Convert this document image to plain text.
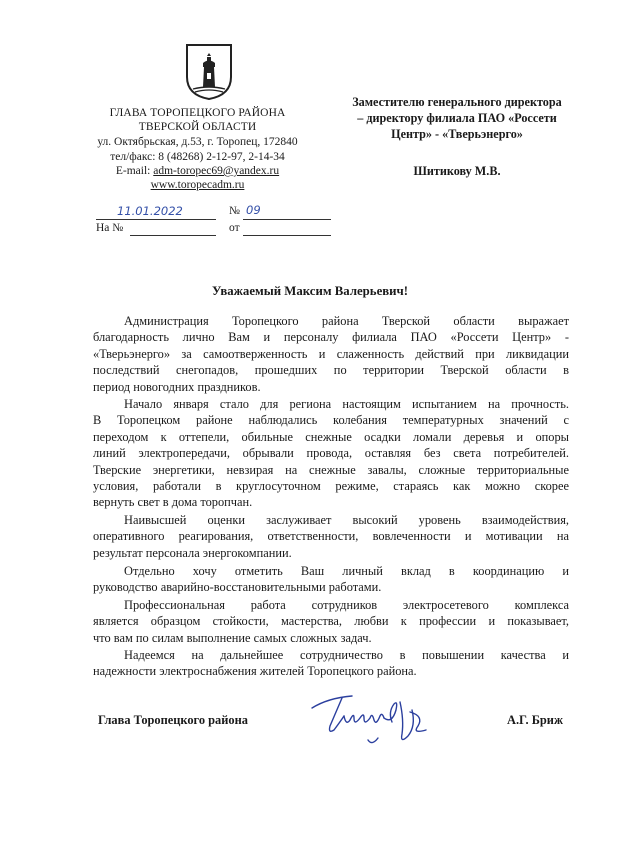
ГЛАВА ТОРОПЕЦКОГО РАЙОНА
ТВЕРСКОЙ ОБЛАСТИ
ул. Октябрьская, д.53, г. Торопец, 172840
тел/факс: 8 (48268) 2-12-97, 2-14-34
E-mail: adm-toropec69@yandex.ru
www.toropecadm.ru
Заместителю генерального директора
– директору филиала ПАО «Россети
Центр» - «Тверьэнерго»
Шитикову М.В.
11.01.2022	№ 09
На №	от
Уважаемый Максим Валерьевич!
Администрация Торопецкого района Тверской области выражает
благодарность лично Вам и персоналу филиала ПАО «Россети Центр» -
«Тверьэнерго» за самоотверженность и слаженность действий при ликвидации
последствий снегопадов, прошедших по территории Тверской области в
период новогодних праздников.
Начало января стало для региона настоящим испытанием на прочность.
В Торопецком районе наблюдались колебания температурных значений с
переходом к оттепели, обильные снежные осадки ломали деревья и опоры
линий электропередачи, обрывали провода, оставляя без света потребителей.
Тверские энергетики, невзирая на снежные завалы, сложные территориальные
условия, работали в круглосуточном режиме, стараясь как можно скорее
вернуть свет в дома торопчан.
Наивысшей оценки заслуживает высокий уровень взаимодействия,
оперативного реагирования, ответственности, вовлеченности и мотивации на
результат персонала энергокомпании.
Отдельно хочу отметить Ваш личный вклад в координацию и
руководство аварийно-восстановительными работами.
Профессиональная работа сотрудников электросетевого комплекса
является образцом стойкости, мастерства, любви к профессии и показывает,
что вам по силам выполнение самых сложных задач.
Надеемся на дальнейшее сотрудничество в повышении качества и
надежности электроснабжения жителей Торопецкого района.
Глава Торопецкого района	А.Г. Бриж
